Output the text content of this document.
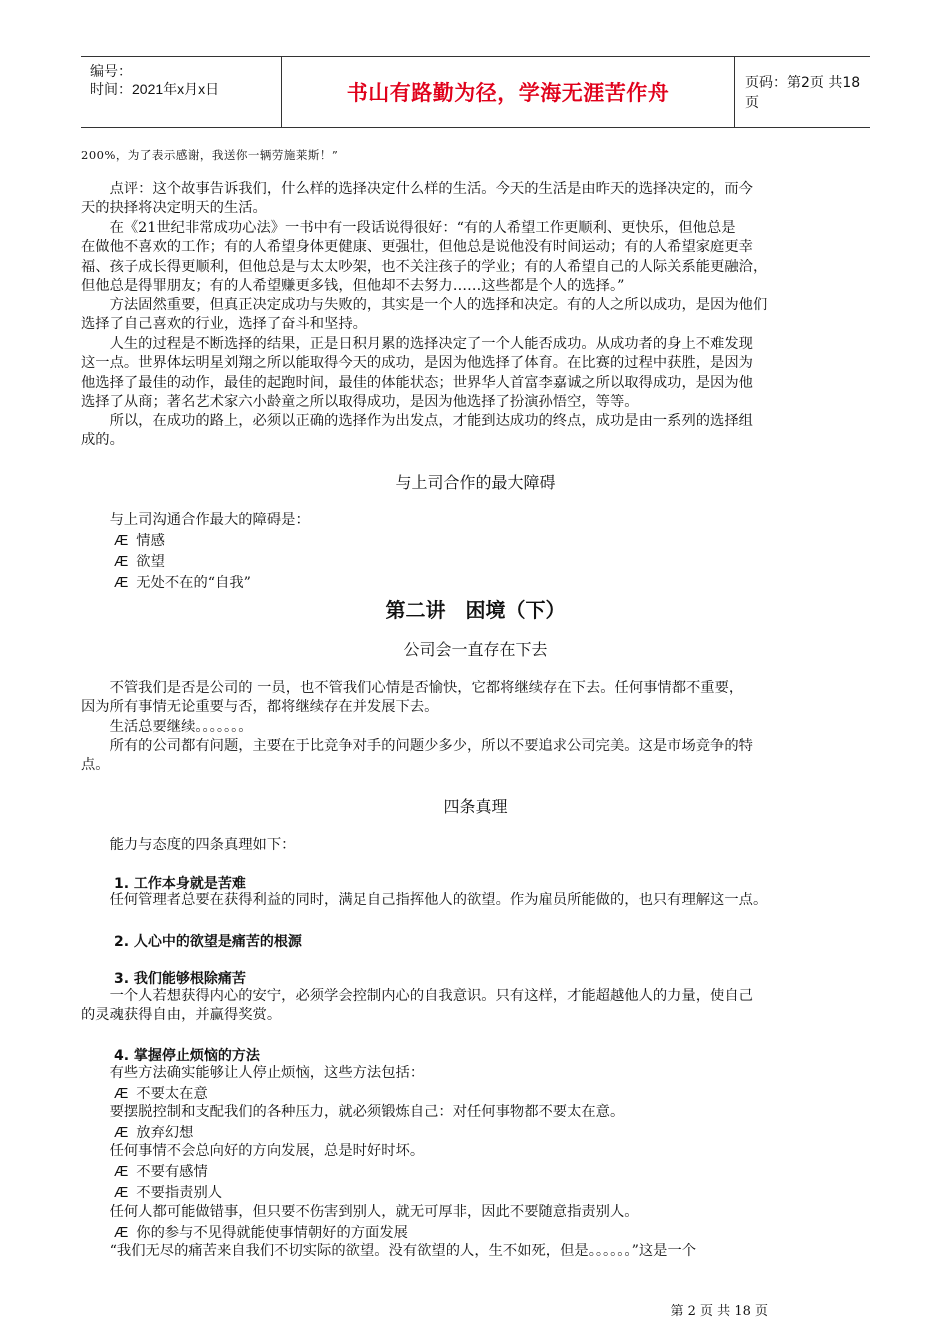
编号：
时间：2021年x月x日	书山有路勤为径，学海无涯苦作舟	页码：第2页 共18页
200%，为了表示感谢，我送你一辆劳施莱斯！”
　　点评：这个故事告诉我们，什么样的选择决定什么样的生活。今天的生活是由昨天的选择决定的，而今
天的抉择将决定明天的生活。
　　在《21世纪非常成功心法》一书中有一段话说得很好：“有的人希望工作更顺利、更快乐，但他总是
在做他不喜欢的工作；有的人希望身体更健康、更强壮，但他总是说他没有时间运动；有的人希望家庭更幸
福、孩子成长得更顺利，但他总是与太太吵架，也不关注孩子的学业；有的人希望自己的人际关系能更融洽，
但他总是得罪朋友；有的人希望赚更多钱，但他却不去努力……这些都是个人的选择。”
　　方法固然重要，但真正决定成功与失败的，其实是一个人的选择和决定。有的人之所以成功，是因为他们
选择了自己喜欢的行业，选择了奋斗和坚持。
　　人生的过程是不断选择的结果，正是日积月累的选择决定了一个人能否成功。从成功者的身上不难发现
这一点。世界体坛明星刘翔之所以能取得今天的成功，是因为他选择了体育。在比赛的过程中获胜，是因为
他选择了最佳的动作，最佳的起跑时间，最佳的体能状态；世界华人首富李嘉诚之所以取得成功，是因为他
选择了从商；著名艺术家六小龄童之所以取得成功，是因为他选择了扮演孙悟空，等等。
　　所以，在成功的路上，必须以正确的选择作为出发点，才能到达成功的终点，成功是由一系列的选择组
成的。
与上司合作的最大障碍
　　与上司沟通合作最大的障碍是：
Æ 情感
Æ 欲望
Æ 无处不在的“自我”
第二讲　困境（下）
公司会一直存在下去
　　不管我们是否是公司的 一员，也不管我们心情是否愉快，它都将继续存在下去。任何事情都不重要，
因为所有事情无论重要与否，都将继续存在并发展下去。
　　生活总要继续。。。。。。。
　　所有的公司都有问题，主要在于比竞争对手的问题少多少，所以不要追求公司完美。这是市场竞争的特
点。
四条真理
　　能力与态度的四条真理如下：
1. 工作本身就是苦难
　　任何管理者总要在获得利益的同时，满足自己指挥他人的欲望。作为雇员所能做的，也只有理解这一点。
2. 人心中的欲望是痛苦的根源
3. 我们能够根除痛苦
　　一个人若想获得内心的安宁，必须学会控制内心的自我意识。只有这样，才能超越他人的力量，使自己
的灵魂获得自由，并赢得奖赏。
4. 掌握停止烦恼的方法
　　有些方法确实能够让人停止烦恼，这些方法包括：
Æ 不要太在意
　　要摆脱控制和支配我们的各种压力，就必须锻炼自己：对任何事物都不要太在意。
Æ 放弃幻想
　　任何事情不会总向好的方向发展，总是时好时坏。
Æ 不要有感情
Æ 不要指责别人
　　任何人都可能做错事，但只要不伤害到别人，就无可厚非，因此不要随意指责别人。
Æ 你的参与不见得就能使事情朝好的方面发展
　　“我们无尽的痛苦来自我们不切实际的欲望。没有欲望的人，生不如死，但是。。。。。。”这是一个
第 2 页 共 18 页
